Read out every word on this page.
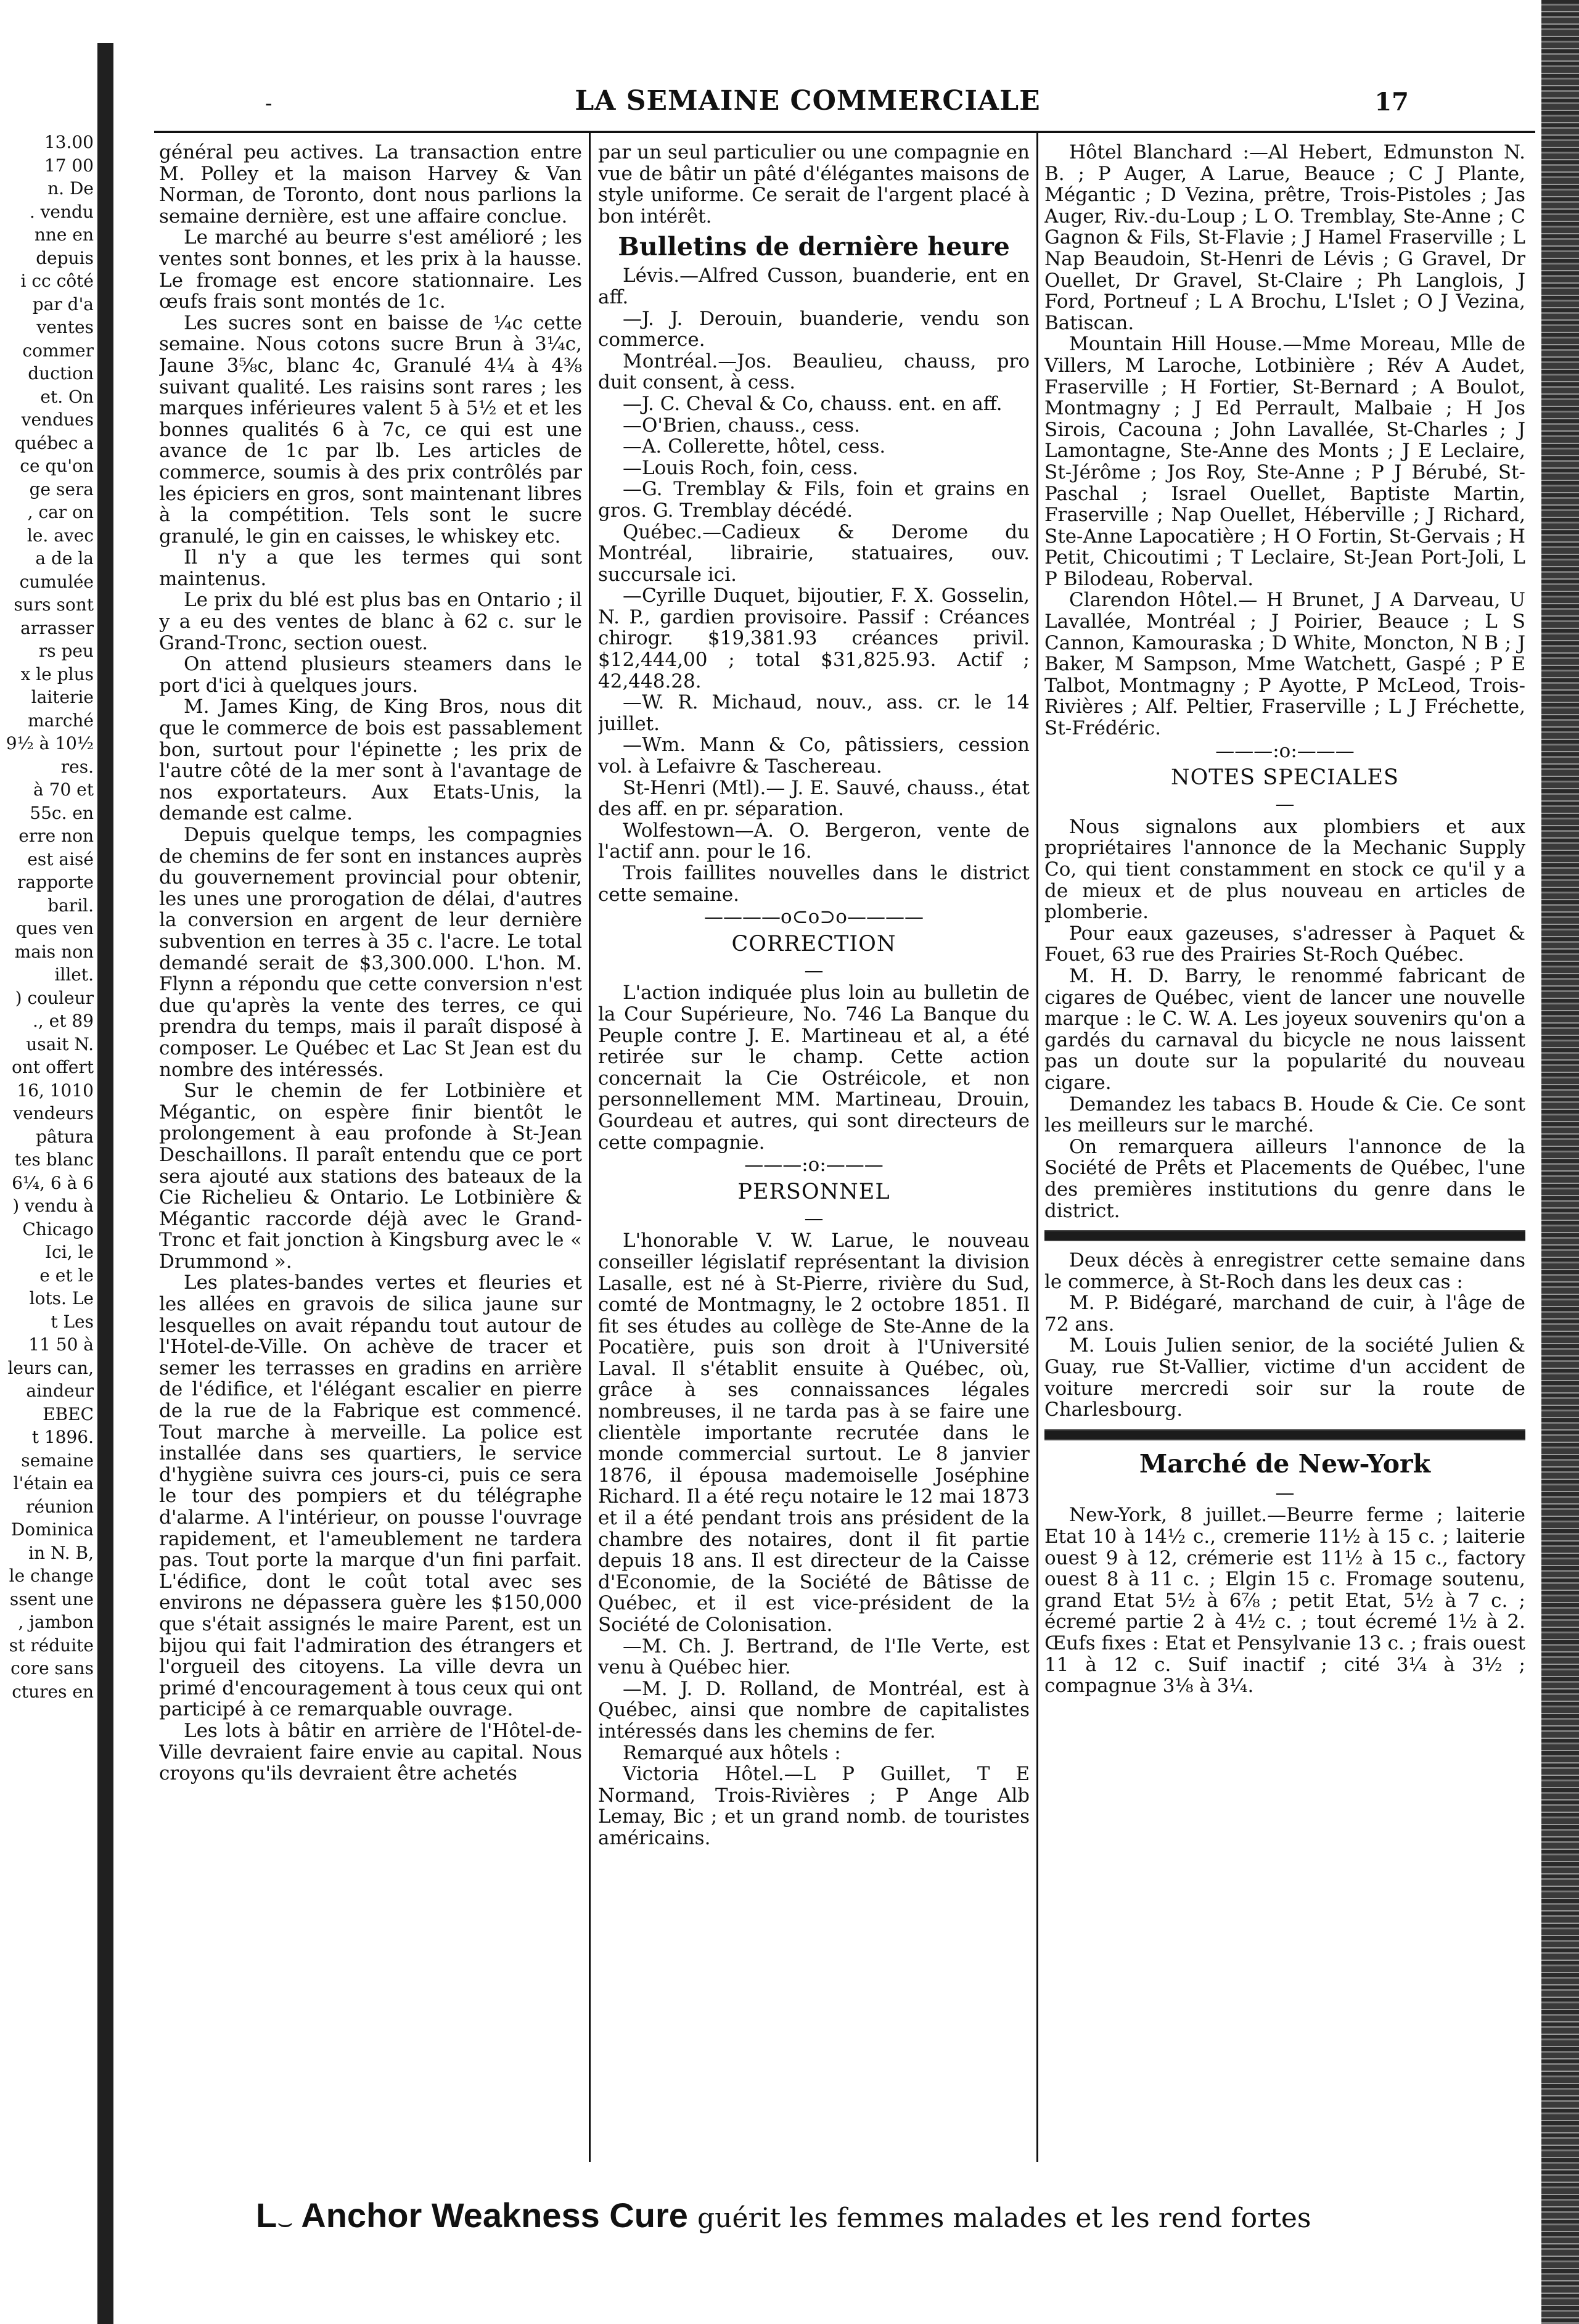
13.00
17 00
n. De
. vendu
nne en
depuis
i cc côté
par d'a
ventes
commer
duction
et. On
vendues
québec a
ce qu'on
ge sera
, car on
le. avec
a de la
cumulée
surs sont
arrasser
rs peu
x le plus
laiterie
marché
9½ à 10½
res.
à 70 et
55c. en
erre non
est aisé
rapporte
baril.
ques ven
mais non
illet.
) couleur
., et 89
usait N.
ont offert
16, 1010
vendeurs
pâtura
tes blanc
6¼, 6 à 6
) vendu à
Chicago
Ici, le
e et le
lots. Le
t Les
11 50 à
leurs can,
aindeur
EBEC
t 1896.
semaine
l'étain ea
réunion
Dominica
in N. B,
le change
ssent une
, jambon
st réduite
core sans
ctures en
-	LA SEMAINE COMMERCIALE	17

général peu actives. La transaction entre M. Polley et la maison Harvey & Van Norman, de Toronto, dont nous parlions la semaine dernière, est une affaire conclue.

Le marché au beurre s'est amélioré ; les ventes sont bonnes, et les prix à la hausse. Le fromage est encore stationnaire. Les œufs frais sont montés de 1c.

Les sucres sont en baisse de ¼c cette semaine. Nous cotons sucre Brun à 3¼c, Jaune 3⅝c, blanc 4c, Granulé 4¼ à 4⅜ suivant qualité. Les raisins sont rares ; les marques inférieures valent 5 à 5½ et et les bonnes qualités 6 à 7c, ce qui est une avance de 1c par lb. Les articles de commerce, soumis à des prix contrôlés par les épiciers en gros, sont maintenant libres à la compétition. Tels sont le sucre granulé, le gin en caisses, le whiskey etc.

Il n'y a que les termes qui sont maintenus.

Le prix du blé est plus bas en Ontario ; il y a eu des ventes de blanc à 62 c. sur le Grand-Tronc, section ouest.

On attend plusieurs steamers dans le port d'ici à quelques jours.

M. James King, de King Bros, nous dit que le commerce de bois est passablement bon, surtout pour l'épinette ; les prix de l'autre côté de la mer sont à l'avantage de nos exportateurs. Aux Etats-Unis, la demande est calme.

Depuis quelque temps, les compagnies de chemins de fer sont en instances auprès du gouvernement provincial pour obtenir, les unes une prorogation de délai, d'autres la conversion en argent de leur dernière subvention en terres à 35 c. l'acre. Le total demandé serait de $3,300.000. L'hon. M. Flynn a répondu que cette conversion n'est due qu'après la vente des terres, ce qui prendra du temps, mais il paraît disposé à composer. Le Québec et Lac St Jean est du nombre des intéressés.

Sur le chemin de fer Lotbinière et Mégantic, on espère finir bientôt le prolongement à eau profonde à St-Jean Deschaillons. Il paraît entendu que ce port sera ajouté aux stations des bateaux de la Cie Richelieu & Ontario. Le Lotbinière & Mégantic raccorde déjà avec le Grand-Tronc et fait jonction à Kingsburg avec le « Drummond ».

Les plates-bandes vertes et fleuries et les allées en gravois de silica jaune sur lesquelles on avait répandu tout autour de l'Hotel-de-Ville. On achève de tracer et semer les terrasses en gradins en arrière de l'édifice, et l'élégant escalier en pierre de la rue de la Fabrique est commencé. Tout marche à merveille. La police est installée dans ses quartiers, le service d'hygiène suivra ces jours-ci, puis ce sera le tour des pompiers et du télégraphe d'alarme. A l'intérieur, on pousse l'ouvrage rapidement, et l'ameublement ne tardera pas. Tout porte la marque d'un fini parfait. L'édifice, dont le coût total avec ses environs ne dépassera guère les $150,000 que s'était assignés le maire Parent, est un bijou qui fait l'admiration des étrangers et l'orgueil des citoyens. La ville devra un primé d'encouragement à tous ceux qui ont participé à ce remarquable ouvrage.

Les lots à bâtir en arrière de l'Hôtel-de-Ville devraient faire envie au capital. Nous croyons qu'ils devraient être achetés

par un seul particulier ou une compagnie en vue de bâtir un pâté d'élégantes maisons de style uniforme. Ce serait de l'argent placé à bon intérêt.

Bulletins de dernière heure

Lévis.—Alfred Cusson, buanderie, ent en aff.

—J. J. Derouin, buanderie, vendu son commerce.

Montréal.—Jos. Beaulieu, chauss, pro duit consent, à cess.

—J. C. Cheval & Co, chauss. ent. en aff.

—O'Brien, chauss., cess.

—A. Collerette, hôtel, cess.

—Louis Roch, foin, cess.

—G. Tremblay & Fils, foin et grains en gros. G. Tremblay décédé.

Québec.—Cadieux & Derome du Montréal, librairie, statuaires, ouv. succursale ici.

—Cyrille Duquet, bijoutier, F. X. Gosselin, N. P., gardien provisoire. Passif : Créances chirogr. $19,381.93 créances privil. $12,444,00 ; total $31,825.93. Actif ; 42,448.28.

—W. R. Michaud, nouv., ass. cr. le 14 juillet.

—Wm. Mann & Co, pâtissiers, cession vol. à Lefaivre & Taschereau.

St-Henri (Mtl).— J. E. Sauvé, chauss., état des aff. en pr. séparation.

Wolfestown—A. O. Bergeron, vente de l'actif ann. pour le 16.

Trois faillites nouvelles dans le district cette semaine.

————o⊂o⊃o————
CORRECTION
—

L'action indiquée plus loin au bulletin de la Cour Supérieure, No. 746 La Banque du Peuple contre J. E. Martineau et al, a été retirée sur le champ. Cette action concernait la Cie Ostréicole, et non personnellement MM. Martineau, Drouin, Gourdeau et autres, qui sont directeurs de cette compagnie.

———:o:———
PERSONNEL
—

L'honorable V. W. Larue, le nouveau conseiller législatif représentant la division Lasalle, est né à St-Pierre, rivière du Sud, comté de Montmagny, le 2 octobre 1851. Il fit ses études au collège de Ste-Anne de la Pocatière, puis son droit à l'Université Laval. Il s'établit ensuite à Québec, où, grâce à ses connaissances légales nombreuses, il ne tarda pas à se faire une clientèle importante recrutée dans le monde commercial surtout. Le 8 janvier 1876, il épousa mademoiselle Joséphine Richard. Il a été reçu notaire le 12 mai 1873 et il a été pendant trois ans président de la chambre des notaires, dont il fit partie depuis 18 ans. Il est directeur de la Caisse d'Economie, de la Société de Bâtisse de Québec, et il est vice-président de la Société de Colonisation.

—M. Ch. J. Bertrand, de l'Ile Verte, est venu à Québec hier.

—M. J. D. Rolland, de Montréal, est à Québec, ainsi que nombre de capitalistes intéressés dans les chemins de fer.

Remarqué aux hôtels :

Victoria Hôtel.—L P Guillet, T E Normand, Trois-Rivières ; P Ange Alb Lemay, Bic ; et un grand nomb. de touristes américains.

Hôtel Blanchard :—Al Hebert, Edmunston N. B. ; P Auger, A Larue, Beauce ; C J Plante, Mégantic ; D Vezina, prêtre, Trois-Pistoles ; Jas Auger, Riv.-du-Loup ; L O. Tremblay, Ste-Anne ; C Gagnon & Fils, St-Flavie ; J Hamel Fraserville ; L Nap Beaudoin, St-Henri de Lévis ; G Gravel, Dr Ouellet, Dr Gravel, St-Claire ; Ph Langlois, J Ford, Portneuf ; L A Brochu, L'Islet ; O J Vezina, Batiscan.

Mountain Hill House.—Mme Moreau, Mlle de Villers, M Laroche, Lotbinière ; Rév A Audet, Fraserville ; H Fortier, St-Bernard ; A Boulot, Montmagny ; J Ed Perrault, Malbaie ; H Jos Sirois, Cacouna ; John Lavallée, St-Charles ; J Lamontagne, Ste-Anne des Monts ; J E Leclaire, St-Jérôme ; Jos Roy, Ste-Anne ; P J Bérubé, St-Paschal ; Israel Ouellet, Baptiste Martin, Fraserville ; Nap Ouellet, Héberville ; J Richard, Ste-Anne Lapocatière ; H O Fortin, St-Gervais ; H Petit, Chicoutimi ; T Leclaire, St-Jean Port-Joli, L P Bilodeau, Roberval.

Clarendon Hôtel.— H Brunet, J A Darveau, U Lavallée, Montréal ; J Poirier, Beauce ; L S Cannon, Kamouraska ; D White, Moncton, N B ; J Baker, M Sampson, Mme Watchett, Gaspé ; P E Talbot, Montmagny ; P Ayotte, P McLeod, Trois-Rivières ; Alf. Peltier, Fraserville ; L J Fréchette, St-Frédéric.

———:o:———
NOTES SPECIALES
—

Nous signalons aux plombiers et aux propriétaires l'annonce de la Mechanic Supply Co, qui tient constamment en stock ce qu'il y a de mieux et de plus nouveau en articles de plomberie.

Pour eaux gazeuses, s'adresser à Paquet & Fouet, 63 rue des Prairies St-Roch Québec.

M. H. D. Barry, le renommé fabricant de cigares de Québec, vient de lancer une nouvelle marque : le C. W. A. Les joyeux souvenirs qu'on a gardés du carnaval du bicycle ne nous laissent pas un doute sur la popularité du nouveau cigare.

Demandez les tabacs B. Houde & Cie. Ce sont les meilleurs sur le marché.

On remarquera ailleurs l'annonce de la Société de Prêts et Placements de Québec, l'une des premières institutions du genre dans le district.

Deux décès à enregistrer cette semaine dans le commerce, à St-Roch dans les deux cas :

M. P. Bidégaré, marchand de cuir, à l'âge de 72 ans.

M. Louis Julien senior, de la société Julien & Guay, rue St-Vallier, victime d'un accident de voiture mercredi soir sur la route de Charlesbourg.

Marché de New-York
—

New-York, 8 juillet.—Beurre ferme ; laiterie Etat 10 à 14½ c., cremerie 11½ à 15 c. ; laiterie ouest 9 à 12, crémerie est 11½ à 15 c., factory ouest 8 à 11 c. ; Elgin 15 c. Fromage soutenu, grand Etat 5½ à 6⅞ ; petit Etat, 5½ à 7 c. ; écremé partie 2 à 4½ c. ; tout écremé 1½ à 2. Œufs fixes : Etat et Pensylvanie 13 c. ; frais ouest 11 à 12 c. Suif inactif ; cité 3¼ à 3½ ; compagnue 3⅛ à 3¼.

L⌣ Anchor Weakness Cure guérit les femmes malades et les rend fortes
